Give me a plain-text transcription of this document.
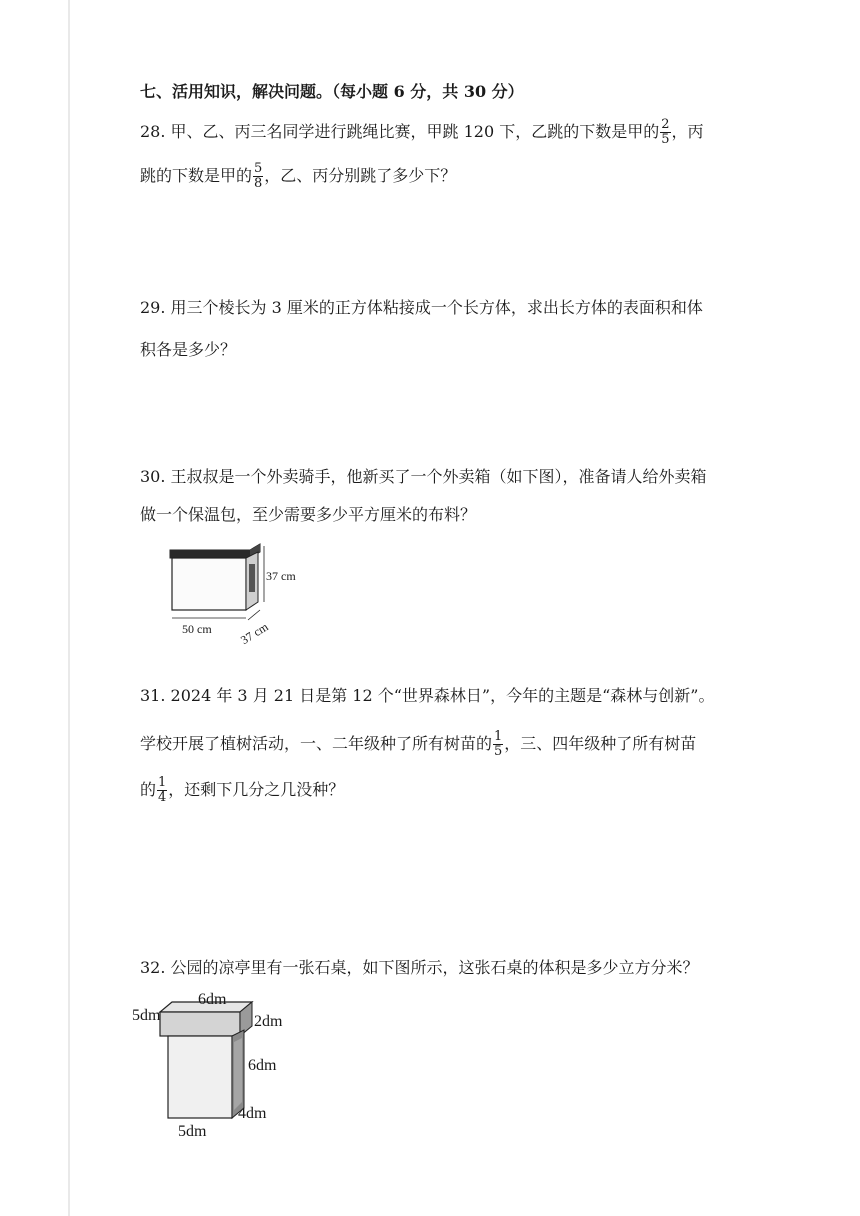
七、活用知识，解决问题。（每小题 6 分，共 30 分）
28. 甲、乙、丙三名同学进行跳绳比赛，甲跳 120 下，乙跳的下数是甲的 $\frac{2}{5}$ ，丙
跳的下数是甲的 $\frac{5}{8}$ ，乙、丙分别跳了多少下？
29. 用三个棱长为 3 厘米的正方体粘接成一个长方体，求出长方体的表面积和体
积各是多少？
30. 王叔叔是一个外卖骑手，他新买了一个外卖箱（如下图），准备请人给外卖箱
做一个保温包，至少需要多少平方厘米的布料？
37 cm
50 cm 37 cm
31. 2024 年 3 月 21 日是第 12 个“世界森林日”，今年的主题是“森林与创新”。
学校开展了植树活动，一、二年级种了所有树苗的 $\frac{1}{5}$ ，三、四年级种了所有树苗
的 $\frac{1}{4}$ ，还剩下几分之几没种？
32. 公园的凉亭里有一张石桌，如下图所示，这张石桌的体积是多少立方分米？
6dm
5dm	2dm
6dm
4dm
5dm
